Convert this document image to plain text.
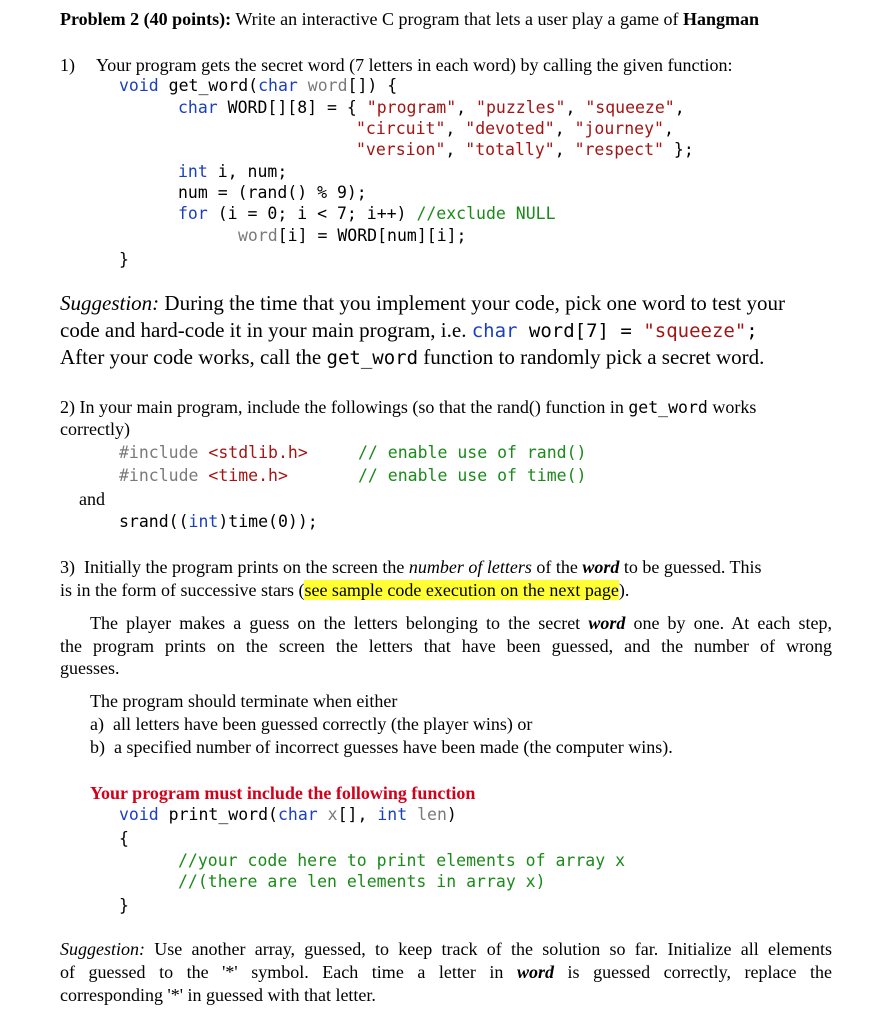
Problem 2 (40 points): Write an interactive C program that lets a user play a game of Hangman
1) Your program gets the secret word (7 letters in each word) by calling the given function:
void get_word(char word[]) {
char WORD[][8] = { "program", "puzzles", "squeeze",
"circuit", "devoted", "journey",
"version", "totally", "respect" };
int i, num;
num = (rand() % 9);
for (i = 0; i < 7; i++) //exclude NULL
word[i] = WORD[num][i];
}
Suggestion: During the time that you implement your code, pick one word to test your
code and hard-code it in your main program, i.e. char word[7] = "squeeze";
After your code works, call the get_word function to randomly pick a secret word.
2) In your main program, include the followings (so that the rand() function in get_word works
correctly)
#include <stdlib.h>	// enable use of rand()
#include <time.h>	// enable use of time()
and
srand((int)time(0));
3)  Initially the program prints on the screen the number of letters of the word to be guessed. This
is in the form of successive stars (see sample code execution on the next page).
The player makes a guess on the letters belonging to the secret word one by one. At each step,
the program prints on the screen the letters that have been guessed, and the number of wrong
guesses.
The program should terminate when either
a)  all letters have been guessed correctly (the player wins) or
b)  a specified number of incorrect guesses have been made (the computer wins).
Your program must include the following function
void print_word(char x[], int len)
{
//your code here to print elements of array x
//(there are len elements in array x)
}
Suggestion: Use another array, guessed, to keep track of the solution so far. Initialize all elements
of guessed to the '*' symbol. Each time a letter in word is guessed correctly, replace the
corresponding '*' in guessed with that letter.
